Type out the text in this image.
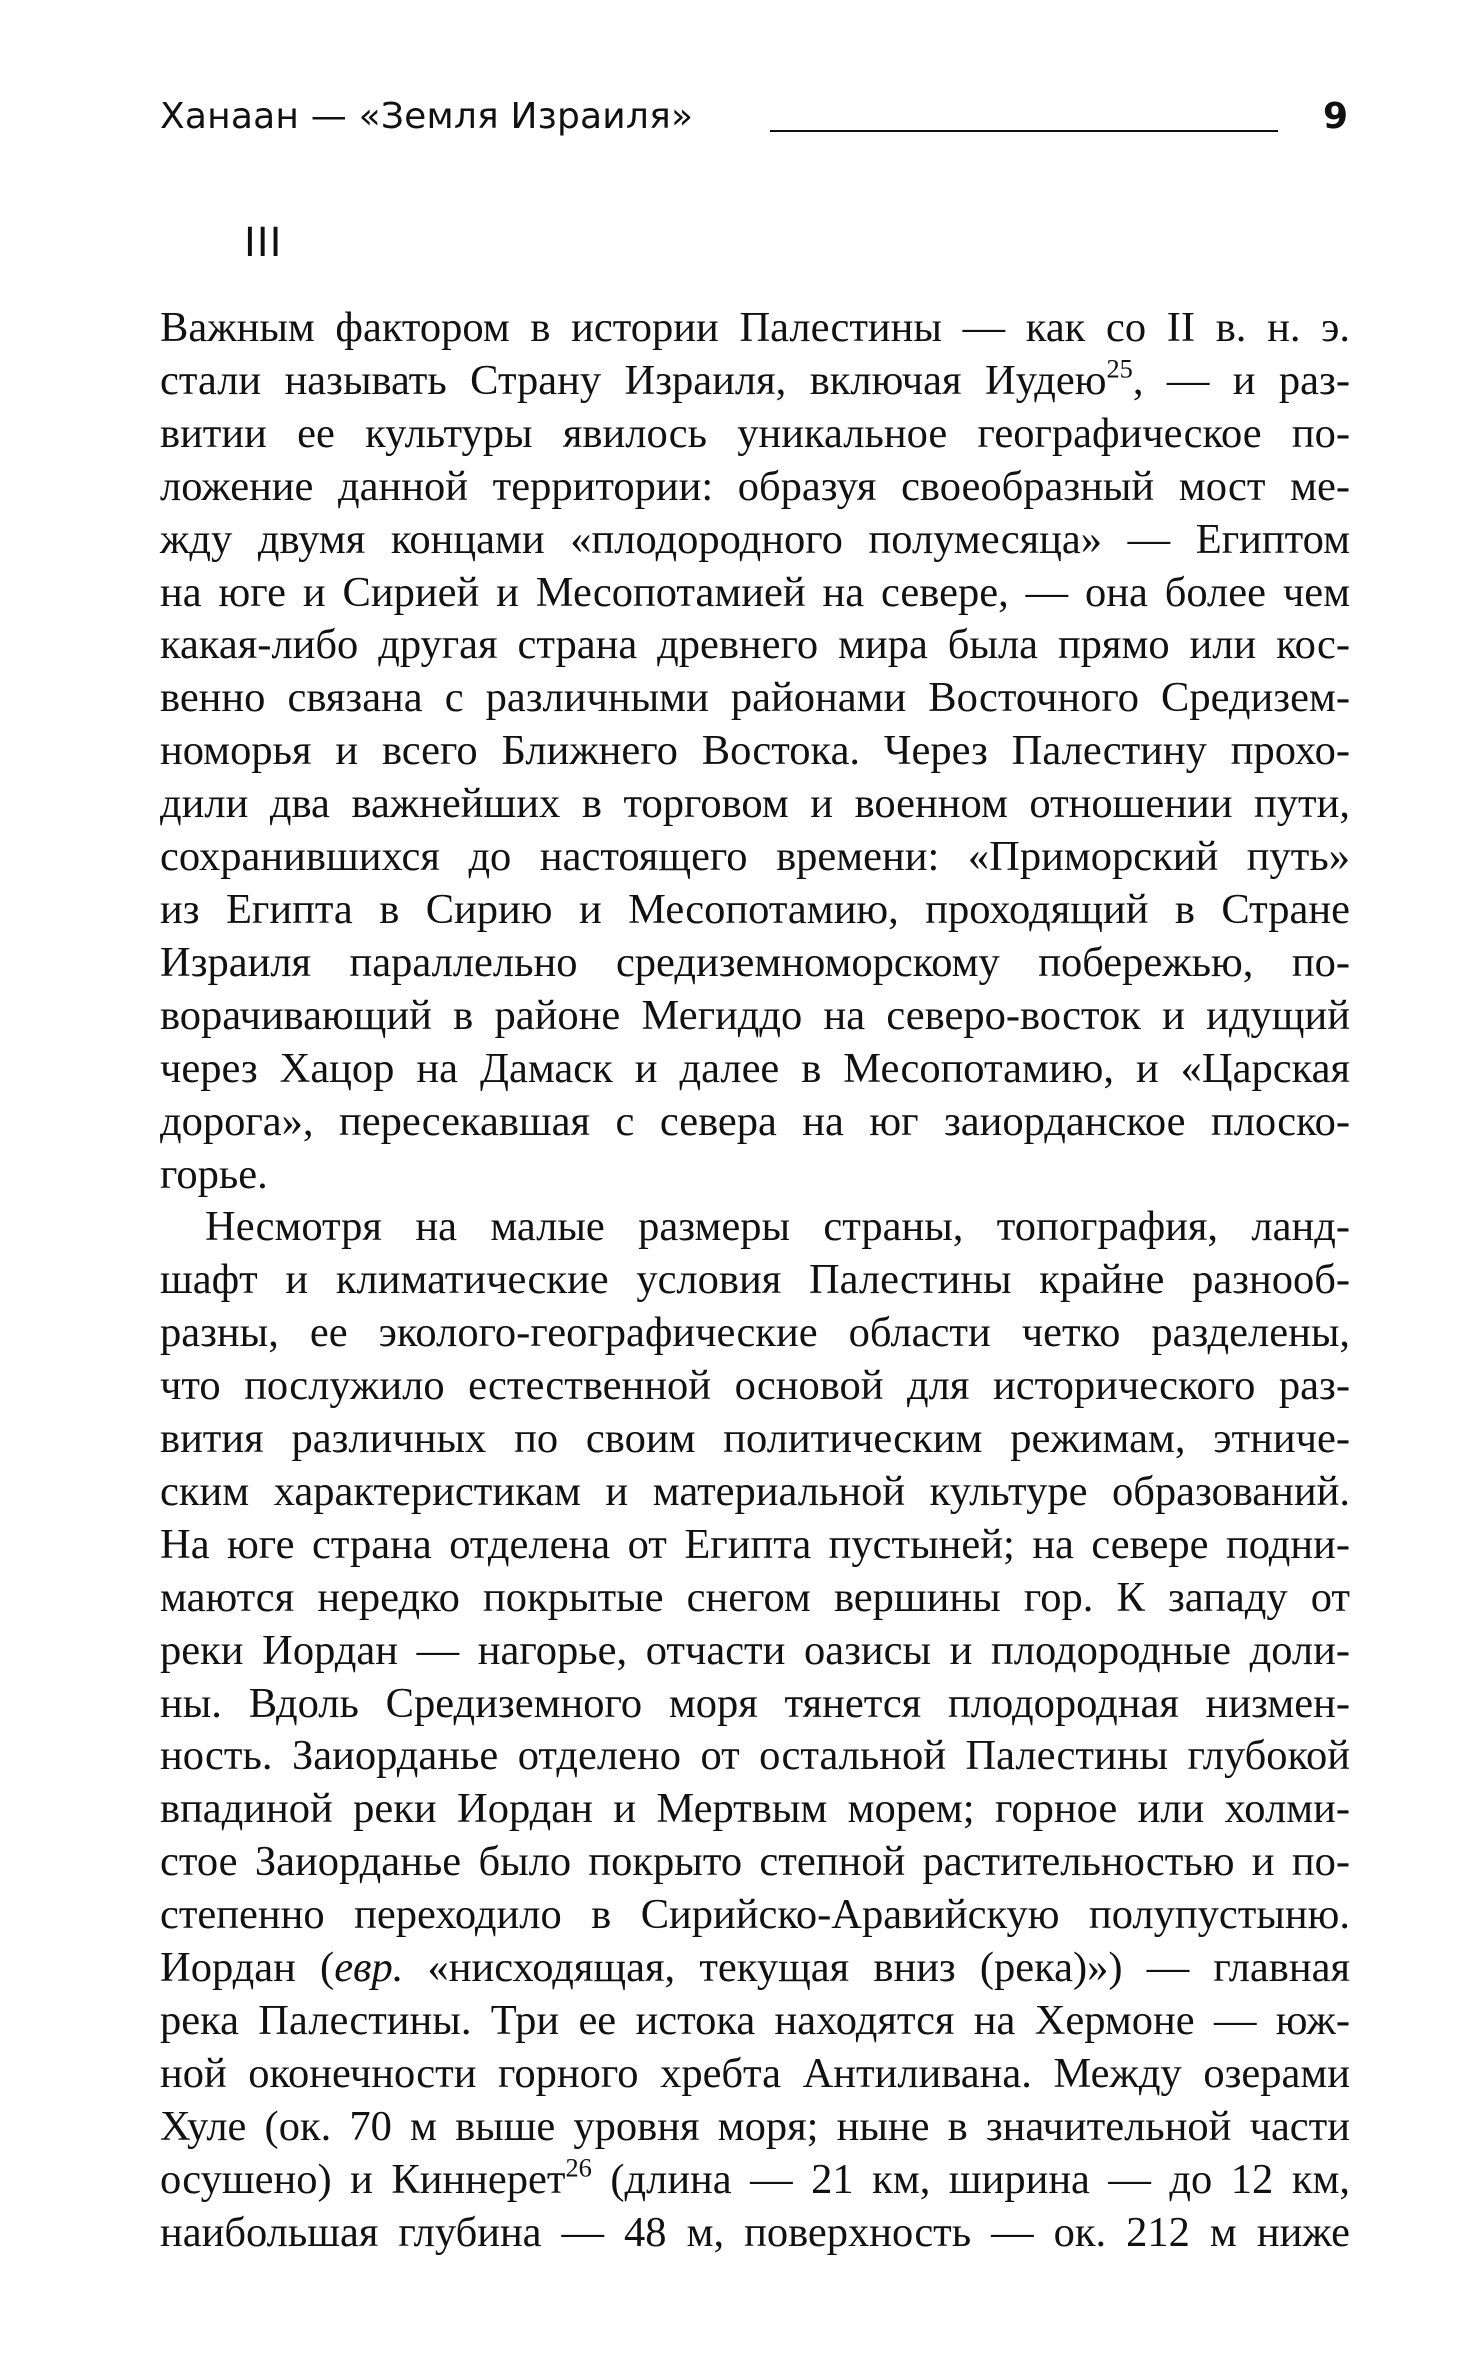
Ханаан — «Земля Израиля»	9
III

Важным фактором в истории Палестины — как со II в. н. э.
стали называть Страну Израиля, включая Иудею$^{25}$, — и раз-
витии ее культуры явилось уникальное географическое по-
ложение данной территории: образуя своеобразный мост ме-
жду двумя концами «плодородного полумесяца» — Египтом
на юге и Сирией и Месопотамией на севере, — она более чем
какая-либо другая страна древнего мира была прямо или кос-
венно связана с различными районами Восточного Средизем-
номорья и всего Ближнего Востока. Через Палестину прохо-
дили два важнейших в торговом и военном отношении пути,
сохранившихся до настоящего времени: «Приморский путь»
из Египта в Сирию и Месопотамию, проходящий в Стране
Израиля параллельно средиземноморскому побережью, по-
ворачивающий в районе Мегиддо на северо-восток и идущий
через Хацор на Дамаск и далее в Месопотамию, и «Царская
дорога», пересекавшая с севера на юг заиорданское плоско-
горье.

Несмотря на малые размеры страны, топография, ланд-
шафт и климатические условия Палестины крайне разнооб-
разны, ее эколого-географические области четко разделены,
что послужило естественной основой для исторического раз-
вития различных по своим политическим режимам, этниче-
ским характеристикам и материальной культуре образований.
На юге страна отделена от Египта пустыней; на севере подни-
маются нередко покрытые снегом вершины гор. К западу от
реки Иордан — нагорье, отчасти оазисы и плодородные доли-
ны. Вдоль Средиземного моря тянется плодородная низмен-
ность. Заиорданье отделено от остальной Палестины глубокой
впадиной реки Иордан и Мертвым морем; горное или холми-
стое Заиорданье было покрыто степной растительностью и по-
степенно переходило в Сирийско-Аравийскую полупустыню.
Иордан (евр. «нисходящая, текущая вниз (река)») — главная
река Палестины. Три ее истока находятся на Хермоне — юж-
ной оконечности горного хребта Антиливана. Между озерами
Хуле (ок. 70 м выше уровня моря; ныне в значительной части
осушено) и Киннерет$^{26}$ (длина — 21 км, ширина — до 12 км,
наибольшая глубина — 48 м, поверхность — ок. 212 м ниже
